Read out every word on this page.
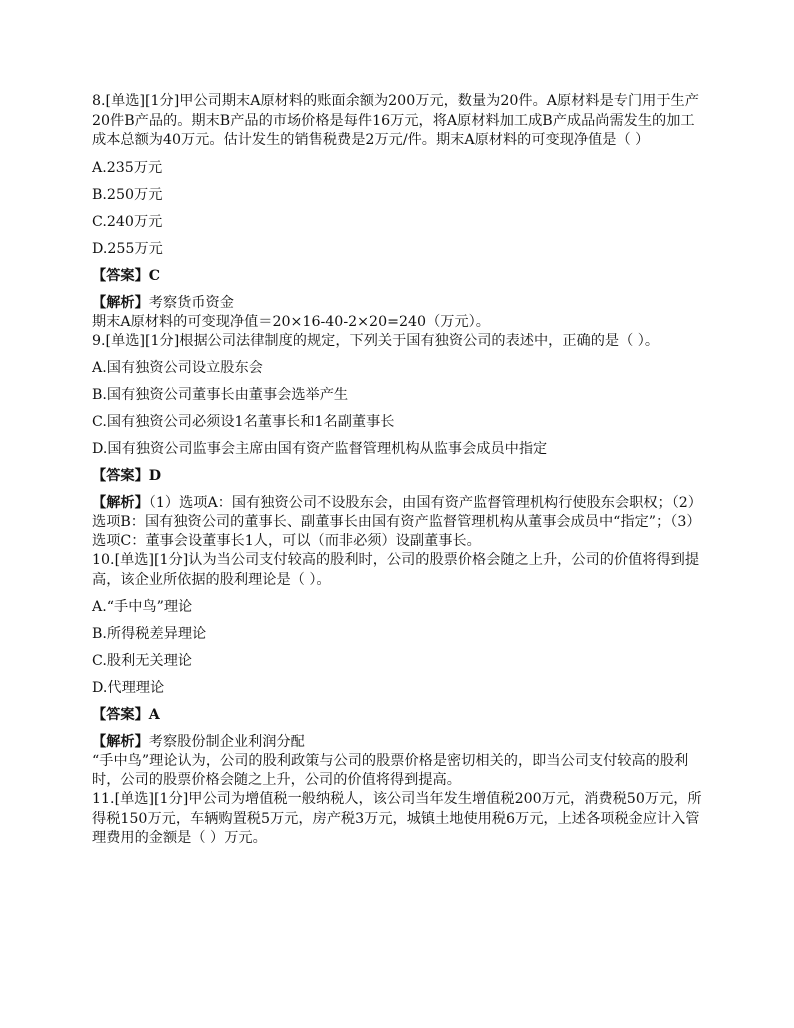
8.[单选][1分]甲公司期末A原材料的账面余额为200万元，数量为20件。A原材料是专门用于生产20件B产品的。期末B产品的市场价格是每件16万元，将A原材料加工成B产成品尚需发生的加工成本总额为40万元。估计发生的销售税费是2万元/件。期末A原材料的可变现净值是（ ）

A.235万元

B.250万元

C.240万元

D.255万元

【答案】C

【解析】考察货币资金

期末A原材料的可变现净值＝20×16-40-2×20=240（万元）。

9.[单选][1分]根据公司法律制度的规定，下列关于国有独资公司的表述中，正确的是（ ）。

A.国有独资公司设立股东会

B.国有独资公司董事长由董事会选举产生

C.国有独资公司必须设1名董事长和1名副董事长

D.国有独资公司监事会主席由国有资产监督管理机构从监事会成员中指定

【答案】D

【解析】（1）选项A：国有独资公司不设股东会，由国有资产监督管理机构行使股东会职权；（2）选项B：国有独资公司的董事长、副董事长由国有资产监督管理机构从董事会成员中“指定”；（3）选项C：董事会设董事长1人，可以（而非必须）设副董事长。

10.[单选][1分]认为当公司支付较高的股利时，公司的股票价格会随之上升，公司的价值将得到提高，该企业所依据的股利理论是（ ）。

A.“手中鸟”理论

B.所得税差异理论

C.股利无关理论

D.代理理论

【答案】A

【解析】考察股份制企业利润分配

“手中鸟”理论认为，公司的股利政策与公司的股票价格是密切相关的，即当公司支付较高的股利时，公司的股票价格会随之上升，公司的价值将得到提高。

11.[单选][1分]甲公司为增值税一般纳税人，该公司当年发生增值税200万元，消费税50万元，所得税150万元，车辆购置税5万元，房产税3万元，城镇土地使用税6万元，上述各项税金应计入管理费用的金额是（ ）万元。
